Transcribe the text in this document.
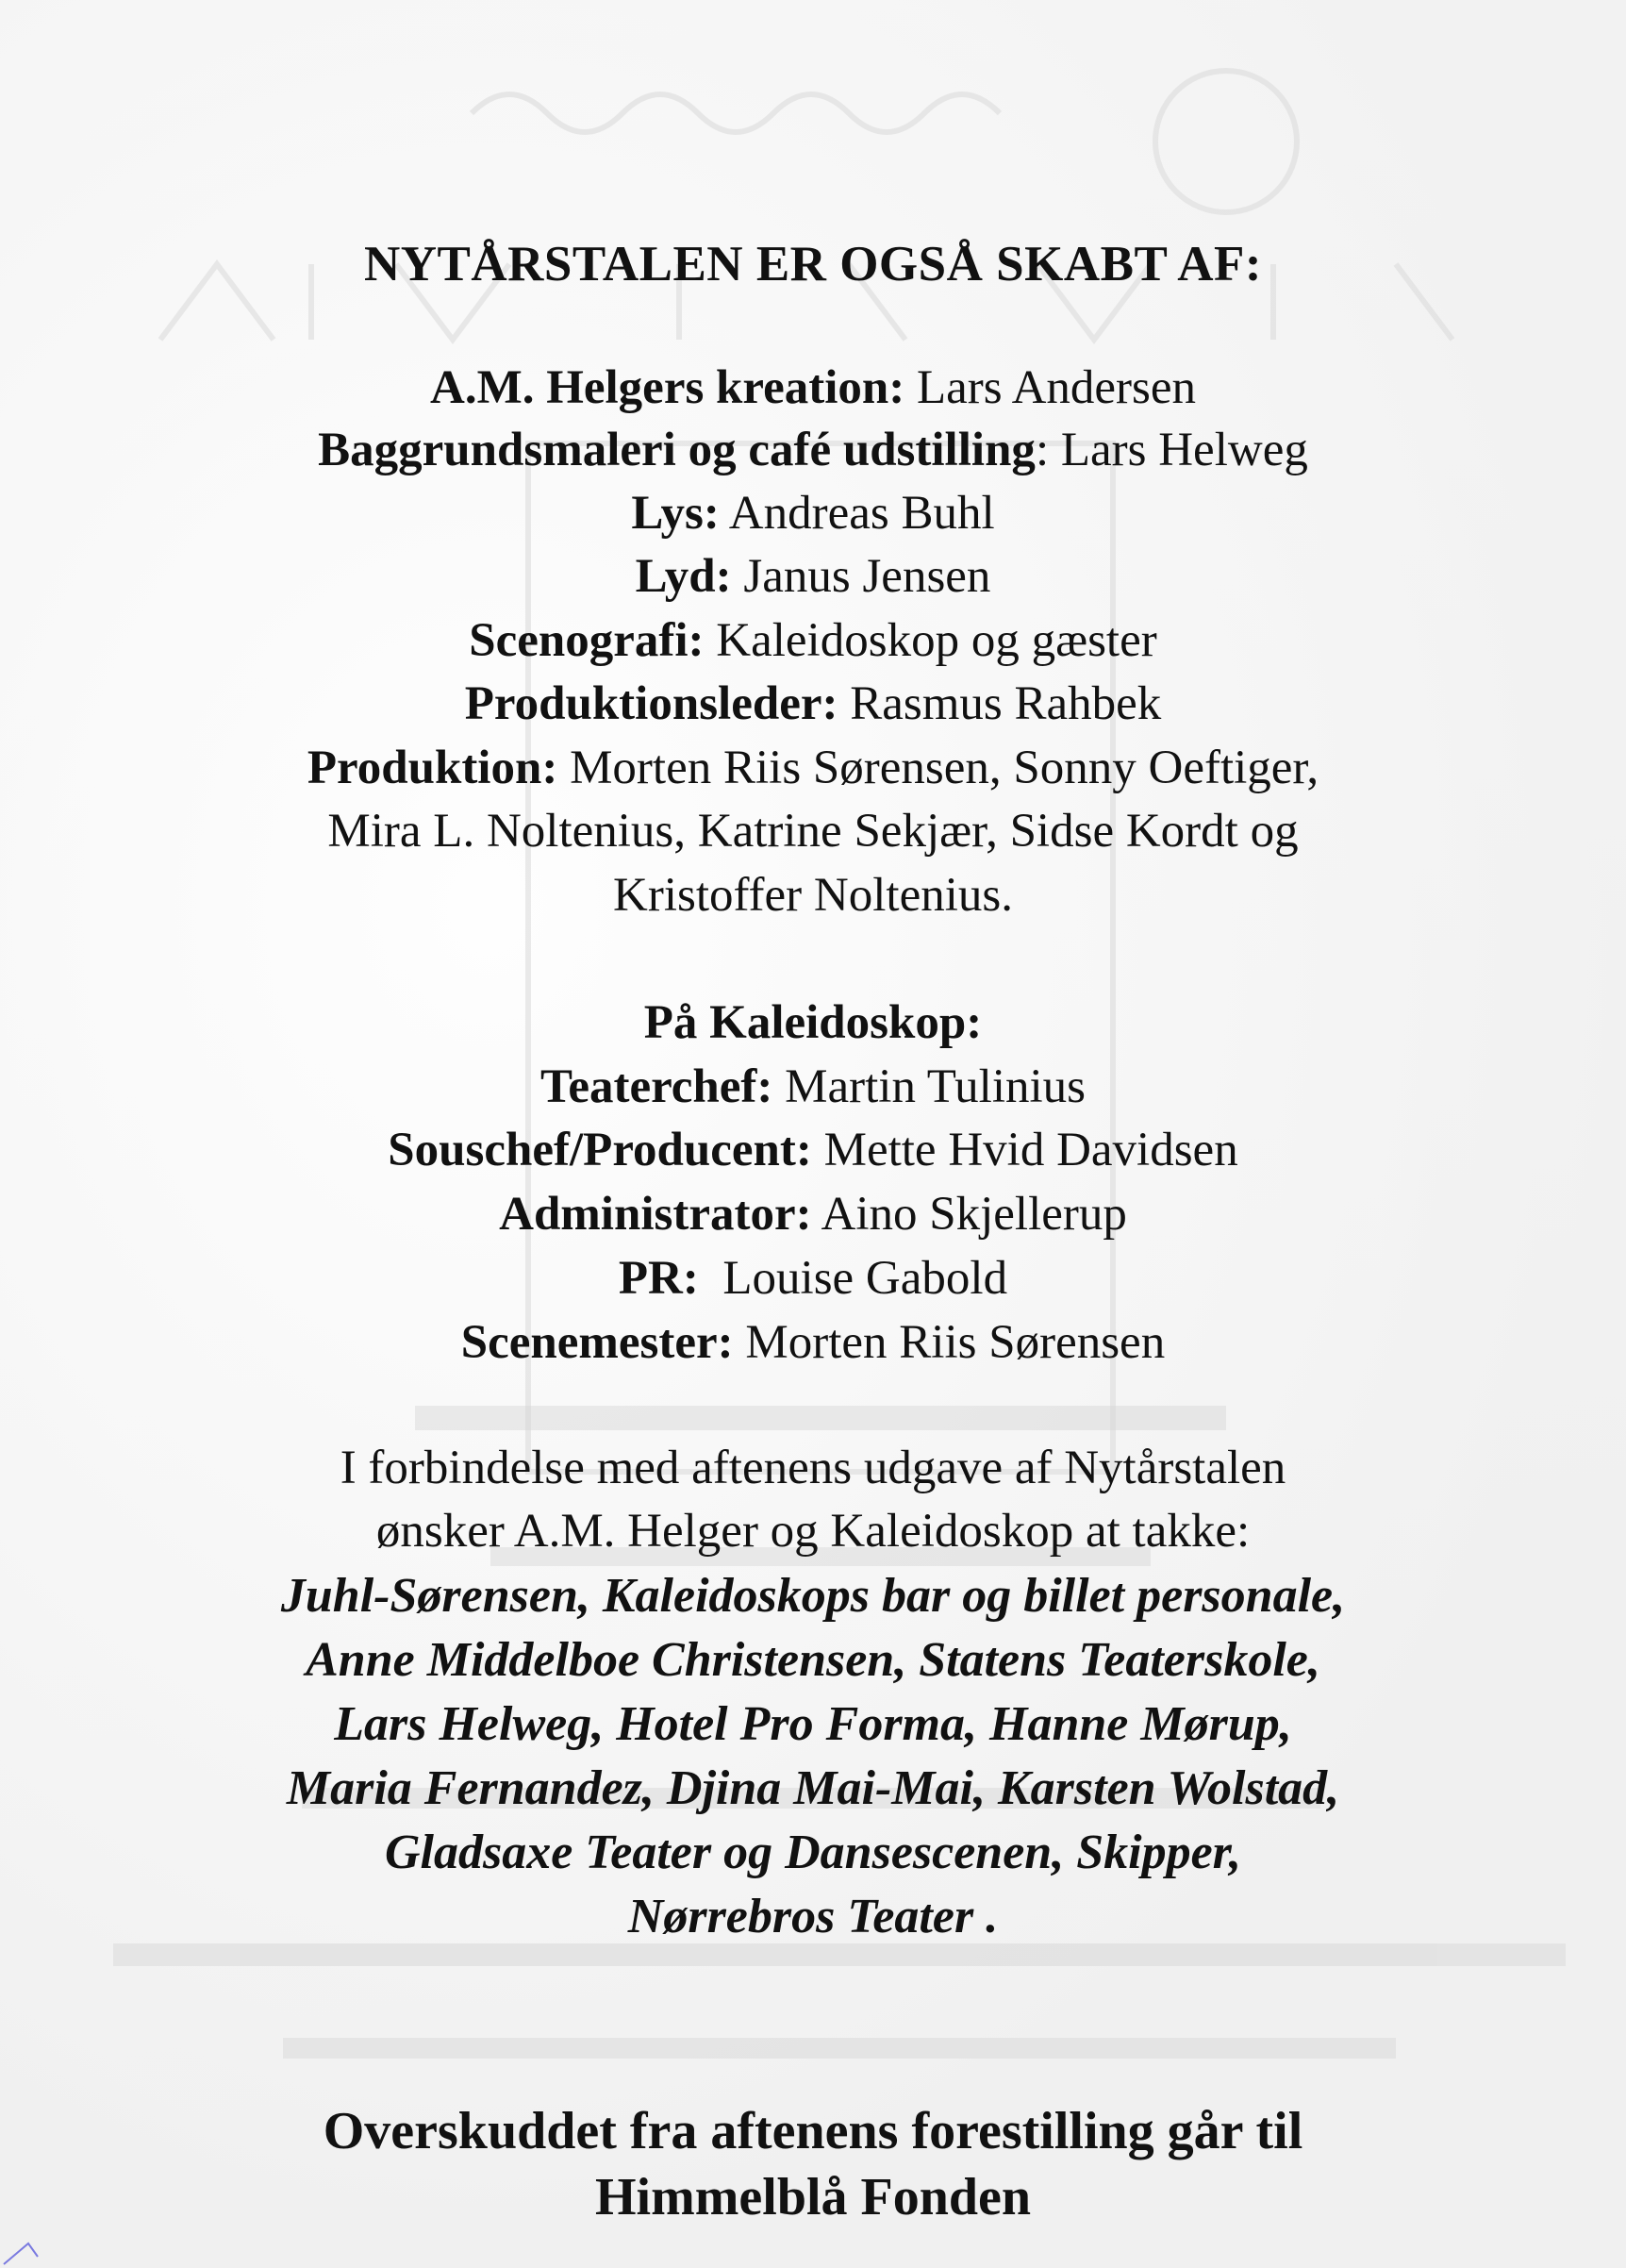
NYTÅRSTALEN ER OGSÅ SKABT AF:
A.M. Helgers kreation: Lars Andersen
Baggrundsmaleri og café udstilling: Lars Helweg
Lys: Andreas Buhl
Lyd: Janus Jensen
Scenografi: Kaleidoskop og gæster
Produktionsleder: Rasmus Rahbek
Produktion: Morten Riis Sørensen, Sonny Oeftiger,
Mira L. Noltenius, Katrine Sekjær, Sidse Kordt og
Kristoffer Noltenius.
På Kaleidoskop:
Teaterchef: Martin Tulinius
Souschef/Producent: Mette Hvid Davidsen
Administrator: Aino Skjellerup
PR:  Louise Gabold
Scenemester: Morten Riis Sørensen
I forbindelse med aftenens udgave af Nytårstalen
ønsker A.M. Helger og Kaleidoskop at takke:
Juhl-Sørensen, Kaleidoskops bar og billet personale,
Anne Middelboe Christensen, Statens Teaterskole,
Lars Helweg, Hotel Pro Forma, Hanne Mørup,
Maria Fernandez, Djina Mai-Mai, Karsten Wolstad,
Gladsaxe Teater og Dansescenen, Skipper,
Nørrebros Teater .
Overskuddet fra aftenens forestilling går til
Himmelblå Fonden
